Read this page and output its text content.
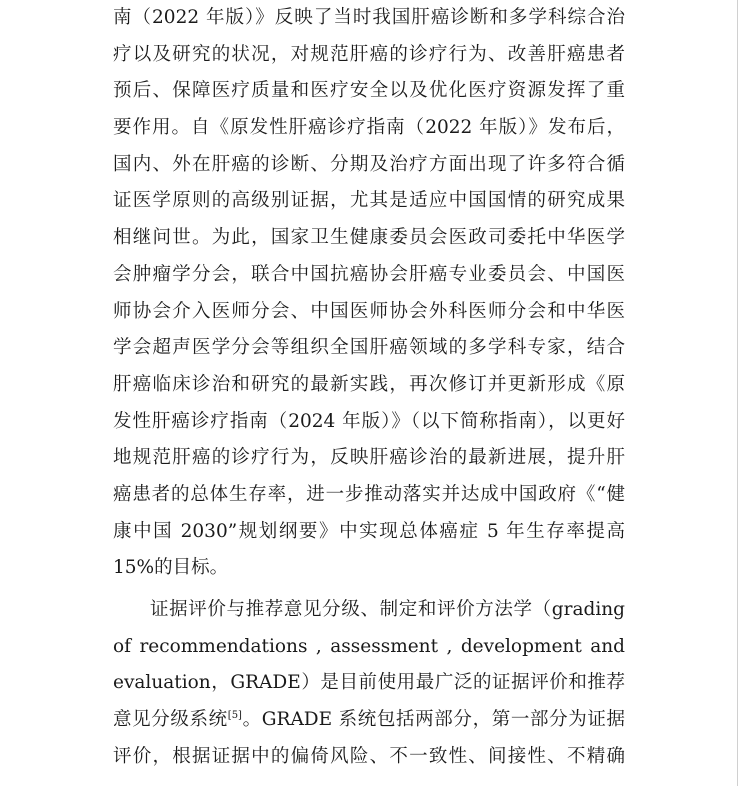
南（2022 年版）》反映了当时我国肝癌诊断和多学科综合治
疗以及研究的状况，对规范肝癌的诊疗行为、改善肝癌患者
预后、保障医疗质量和医疗安全以及优化医疗资源发挥了重
要作用。自《原发性肝癌诊疗指南（2022 年版）》发布后，
国内、外在肝癌的诊断、分期及治疗方面出现了许多符合循
证医学原则的高级别证据，尤其是适应中国国情的研究成果
相继问世。为此，国家卫生健康委员会医政司委托中华医学
会肿瘤学分会，联合中国抗癌协会肝癌专业委员会、中国医
师协会介入医师分会、中国医师协会外科医师分会和中华医
学会超声医学分会等组织全国肝癌领域的多学科专家，结合
肝癌临床诊治和研究的最新实践，再次修订并更新形成《原
发性肝癌诊疗指南（2024 年版）》（以下简称指南），以更好
地规范肝癌的诊疗行为，反映肝癌诊治的最新进展，提升肝
癌患者的总体生存率，进一步推动落实并达成中国政府《“健
康中国 2030”规划纲要》中实现总体癌症 5 年生存率提高
15%的目标。
证据评价与推荐意见分级、制定和评价方法学（grading
of recommendations , assessment , development and
evaluation，GRADE）是目前使用最广泛的证据评价和推荐
意见分级系统[5]。GRADE 系统包括两部分，第一部分为证据
评价，根据证据中的偏倚风险、不一致性、间接性、不精确
